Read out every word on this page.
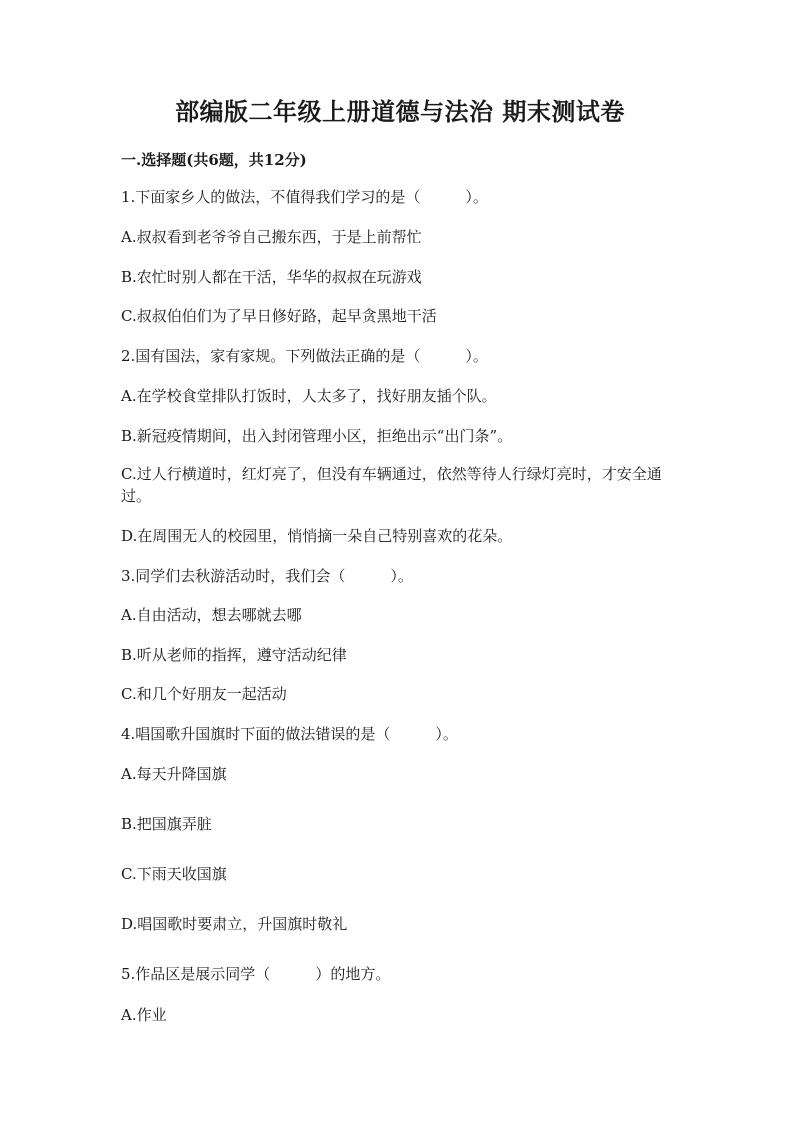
部编版二年级上册道德与法治 期末测试卷
一.选择题(共6题，共12分)
1.下面家乡人的做法，不值得我们学习的是（　　　）。
A.叔叔看到老爷爷自己搬东西，于是上前帮忙
B.农忙时别人都在干活，华华的叔叔在玩游戏
C.叔叔伯伯们为了早日修好路，起早贪黑地干活
2.国有国法，家有家规。下列做法正确的是（　　　）。
A.在学校食堂排队打饭时，人太多了，找好朋友插个队。
B.新冠疫情期间，出入封闭管理小区，拒绝出示“出门条”。
C.过人行横道时，红灯亮了，但没有车辆通过，依然等待人行绿灯亮时，才安全通过。
D.在周围无人的校园里，悄悄摘一朵自己特别喜欢的花朵。
3.同学们去秋游活动时，我们会（　　　）。
A.自由活动，想去哪就去哪
B.听从老师的指挥，遵守活动纪律
C.和几个好朋友一起活动
4.唱国歌升国旗时下面的做法错误的是（　　　）。
A.每天升降国旗
B.把国旗弄脏
C.下雨天收国旗
D.唱国歌时要肃立，升国旗时敬礼
5.作品区是展示同学（　　　）的地方。
A.作业
